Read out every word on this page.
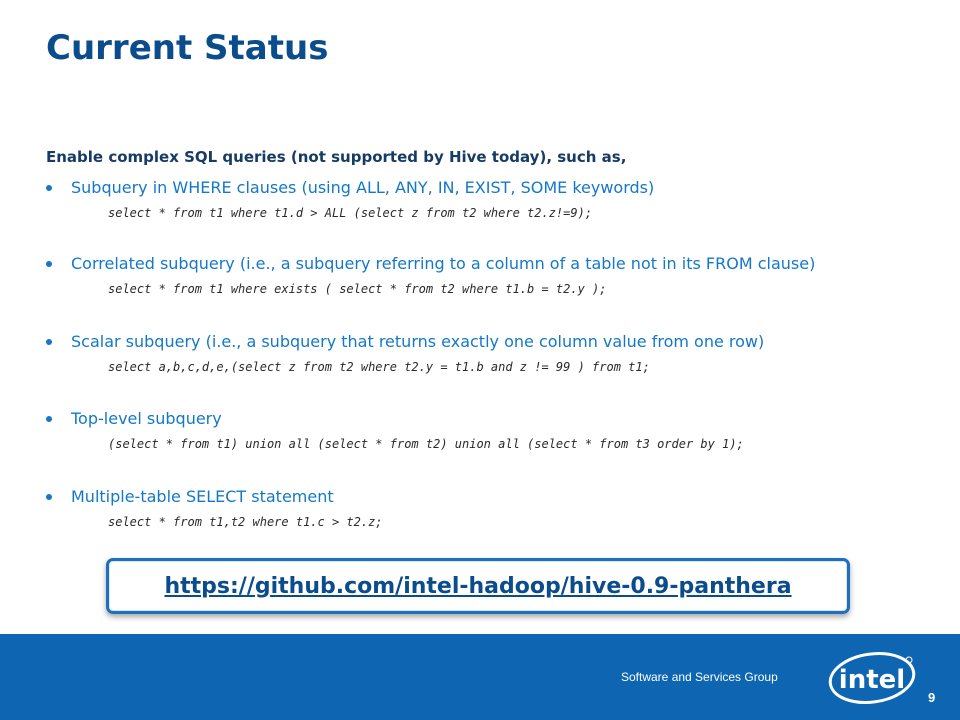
Current Status
Enable complex SQL queries (not supported by Hive today), such as,
Subquery in WHERE clauses (using ALL, ANY, IN, EXIST, SOME keywords)
select * from t1 where t1.d > ALL (select z from t2 where t2.z!=9);
Correlated subquery (i.e., a subquery referring to a column of a table not in its FROM clause)
select * from t1 where exists ( select * from t2 where t1.b = t2.y );
Scalar subquery (i.e., a subquery that returns exactly one column value from one row)
select a,b,c,d,e,(select z from t2 where t2.y = t1.b and z != 99 ) from t1;
Top-level subquery
(select * from t1) union all (select * from t2) union all (select * from t3 order by 1);
Multiple-table SELECT statement
select * from t1,t2 where t1.c > t2.z;
https://github.com/intel-hadoop/hive-0.9-panthera
Software and Services Group intel
9
